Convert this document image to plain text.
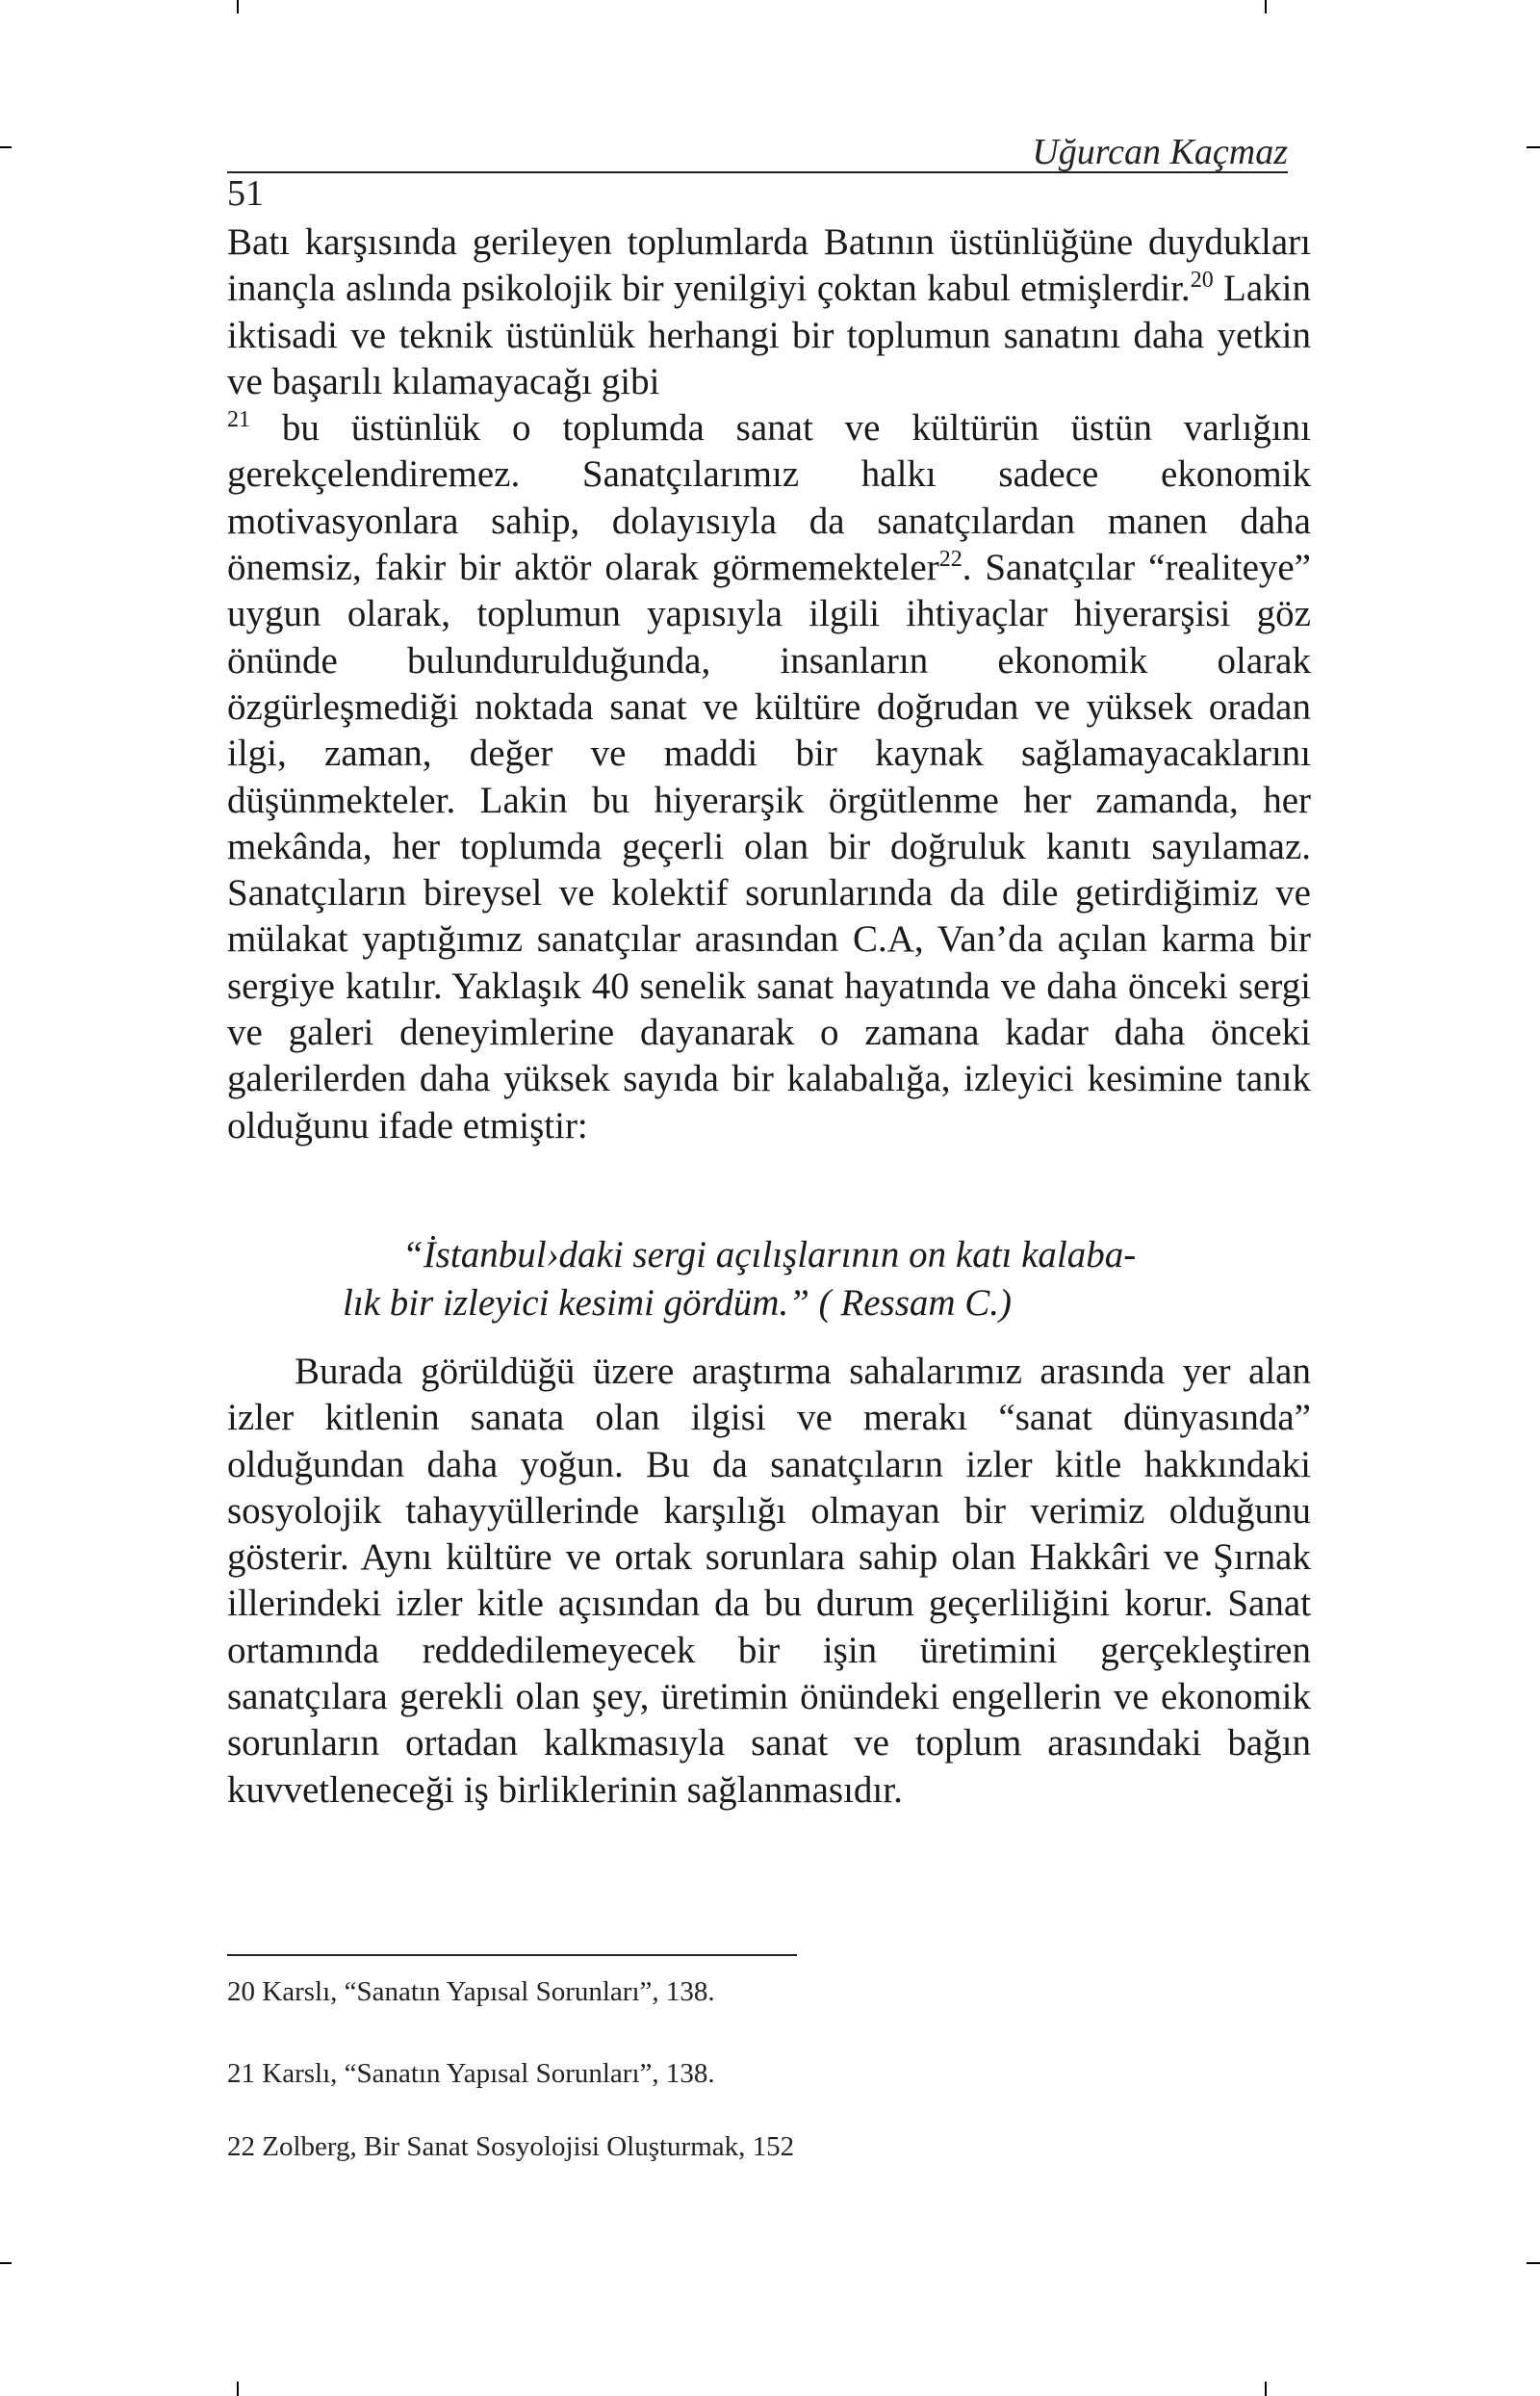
Uğurcan Kaçmaz
51

Batı karşısında gerileyen toplumlarda Batının üstünlüğüne duydukları inançla aslında psikolojik bir yenilgiyi çoktan kabul etmişlerdir.$^{20}$ Lakin iktisadi ve teknik üstünlük herhangi bir toplumun sanatını daha yetkin ve başarılı kılamayacağı gibi
$^{21}$ bu üstünlük o toplumda sanat ve kültürün üstün varlığını gerekçelendiremez. Sanatçılarımız halkı sadece ekonomik motivasyonlara sahip, dolayısıyla da sanatçılardan manen daha önemsiz, fakir bir aktör olarak görmemekteler$^{22}$. Sanatçılar “realiteye” uygun olarak, toplumun yapısıyla ilgili ihtiyaçlar hiyerarşisi göz önünde bulundurulduğunda, insanların ekonomik olarak özgürleşmediği noktada sanat ve kültüre doğrudan ve yüksek oradan ilgi, zaman, değer ve maddi bir kaynak sağlamayacaklarını düşünmekteler. Lakin bu hiyerarşik örgütlenme her zamanda, her mekânda, her toplumda geçerli olan bir doğruluk kanıtı sayılamaz. Sanatçıların bireysel ve kolektif sorunlarında da dile getirdiğimiz ve mülakat yaptığımız sanatçılar arasından C.A, Van’da açılan karma bir sergiye katılır. Yaklaşık 40 senelik sanat hayatında ve daha önceki sergi ve galeri deneyimlerine dayanarak o zamana kadar daha önceki galerilerden daha yüksek sayıda bir kalabalığa, izleyici kesimine tanık olduğunu ifade etmiştir:

“İstanbul›daki sergi açılışlarının on katı kalaba-
lık bir izleyici kesimi gördüm.” ( Ressam C.)

Burada görüldüğü üzere araştırma sahalarımız arasında yer alan izler kitlenin sanata olan ilgisi ve merakı “sanat dünyasında” olduğundan daha yoğun. Bu da sanatçıların izler kitle hakkındaki sosyolojik tahayyüllerinde karşılığı olmayan bir verimiz olduğunu gösterir. Aynı kültüre ve ortak sorunlara sahip olan Hakkâri ve Şırnak illerindeki izler kitle açısından da bu durum geçerliliğini korur. Sanat ortamında reddedilemeyecek bir işin üretimini gerçekleştiren sanatçılara gerekli olan şey, üretimin önündeki engellerin ve ekonomik sorunların ortadan kalkmasıyla sanat ve toplum arasındaki bağın kuvvetleneceği iş birliklerinin sağlanmasıdır.

20 Karslı, “Sanatın Yapısal Sorunları”, 138.
21 Karslı, “Sanatın Yapısal Sorunları”, 138.
22 Zolberg, Bir Sanat Sosyolojisi Oluşturmak, 152
